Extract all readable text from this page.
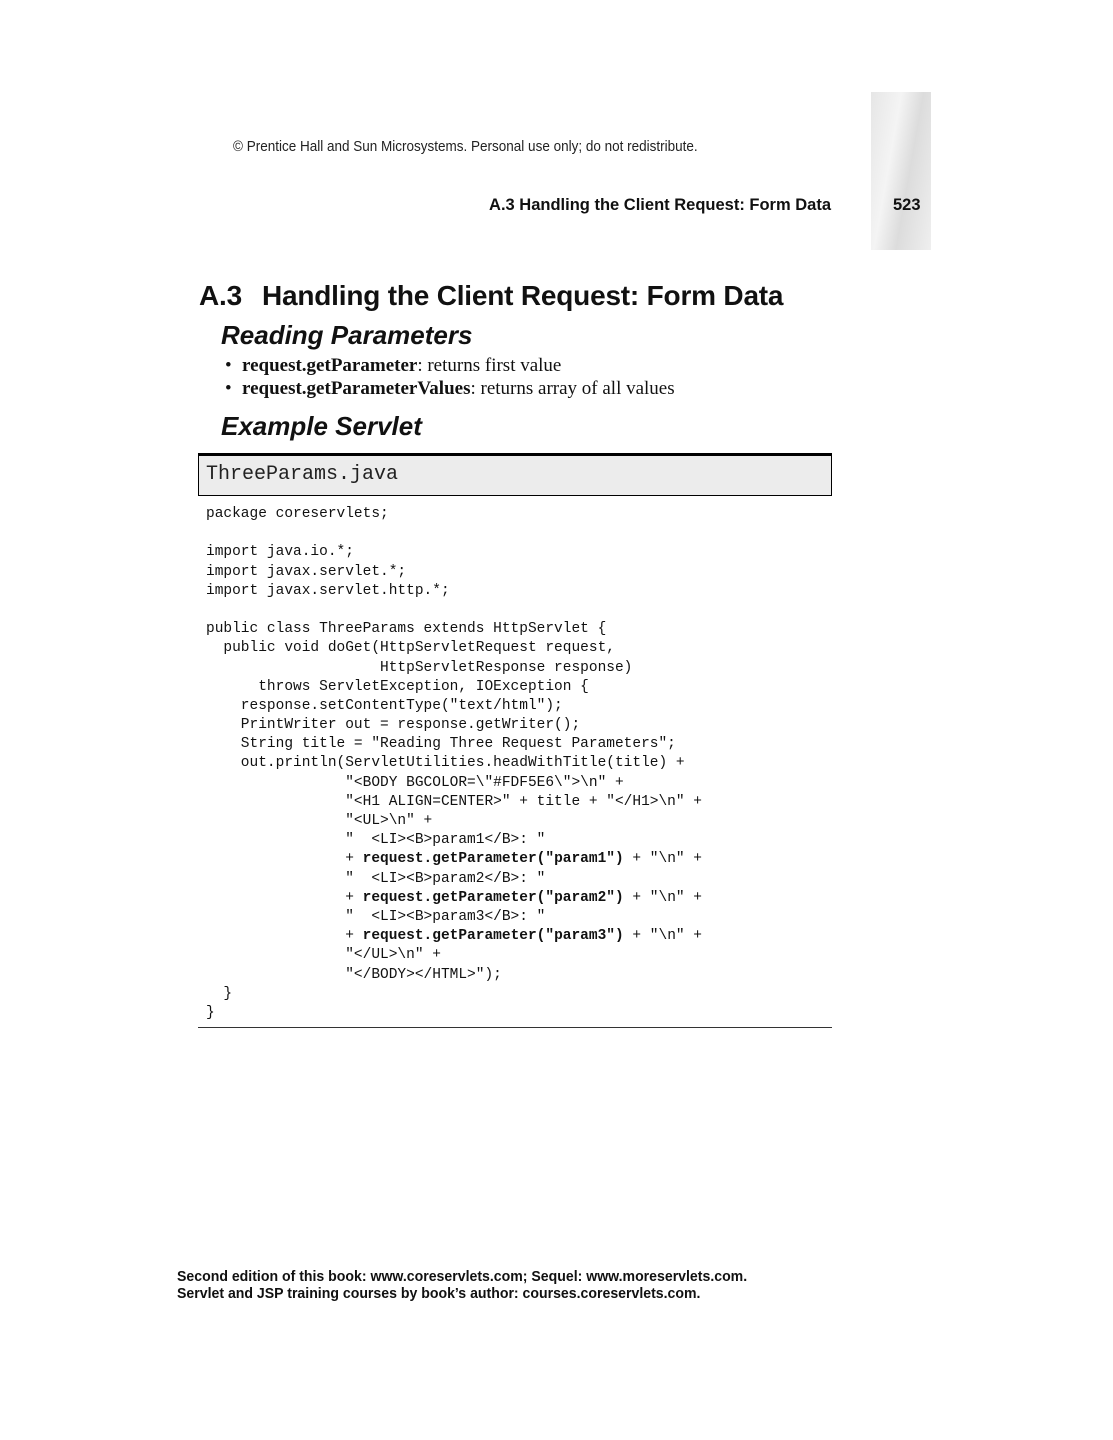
© Prentice Hall and Sun Microsystems. Personal use only; do not redistribute.
A.3 Handling the Client Request: Form Data	523
A.3 Handling the Client Request: Form Data
Reading Parameters
• request.getParameter: returns first value
• request.getParameterValues: returns array of all values
Example Servlet
ThreeParams.java
package coreservlets;
import java.io.*;
import javax.servlet.*;
import javax.servlet.http.*;
public class ThreeParams extends HttpServlet {
public void doGet(HttpServletRequest request,
HttpServletResponse response)
throws ServletException, IOException {
response.setContentType("text/html");
PrintWriter out = response.getWriter();
String title = "Reading Three Request Parameters";
out.println(ServletUtilities.headWithTitle(title) +
"<BODY BGCOLOR=\"#FDF5E6\">\n" +
"<H1 ALIGN=CENTER>" + title + "</H1>\n" +
"<UL>\n" +
"  <LI><B>param1</B>: "
+ request.getParameter("param1") + "\n" +
"  <LI><B>param2</B>: "
+ request.getParameter("param2") + "\n" +
"  <LI><B>param3</B>: "
+ request.getParameter("param3") + "\n" +
"</UL>\n" +
"</BODY></HTML>");
}
}
Second edition of this book: www.coreservlets.com; Sequel: www.moreservlets.com.
Servlet and JSP training courses by book’s author: courses.coreservlets.com.
